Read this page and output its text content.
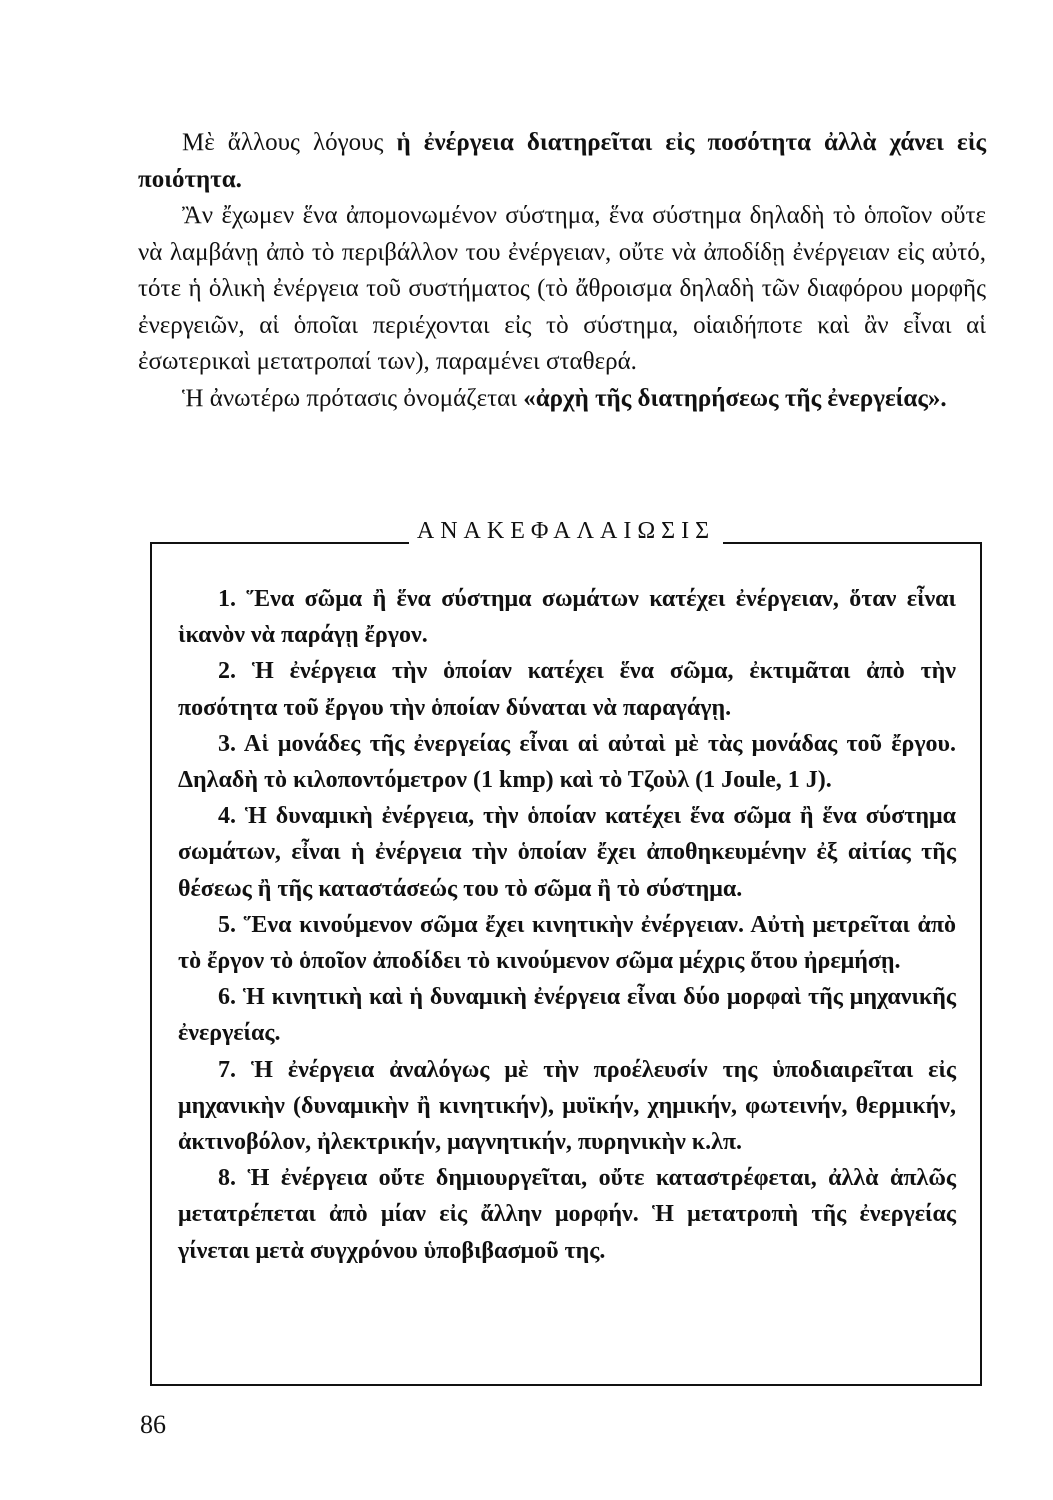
Μὲ ἄλλους λόγους ἡ ἐνέργεια διατηρεῖται εἰς ποσότητα ἀλλὰ χάνει εἰς ποιότητα.

Ἂν ἔχωμεν ἕνα ἀπομονωμένον σύστημα, ἕνα σύστημα δηλαδὴ τὸ ὁποῖον οὔτε νὰ λαμβάνῃ ἀπὸ τὸ περιβάλλον του ἐνέργειαν, οὔτε νὰ ἀποδίδῃ ἐνέργειαν εἰς αὐτό, τότε ἡ ὁλικὴ ἐνέργεια τοῦ συστήματος (τὸ ἄθροισμα δηλαδὴ τῶν διαφόρου μορφῆς ἐνεργειῶν, αἱ ὁποῖαι περιέχονται εἰς τὸ σύστημα, οἱαιδήποτε καὶ ἂν εἶναι αἱ ἐσωτερικαὶ μετατροπαί των), παραμένει σταθερά.

Ἡ ἀνωτέρω πρότασις ὀνομάζεται «ἀρχὴ τῆς διατηρήσεως τῆς ἐνεργείας».

ΑΝΑΚΕΦΑΛΑΙΩΣΙΣ

1. Ἕνα σῶμα ἢ ἕνα σύστημα σωμάτων κατέχει ἐνέργειαν, ὅταν εἶναι ἱκανὸν νὰ παράγῃ ἔργον.

2. Ἡ ἐνέργεια τὴν ὁποίαν κατέχει ἕνα σῶμα, ἐκτιμᾶται ἀπὸ τὴν ποσότητα τοῦ ἔργου τὴν ὁποίαν δύναται νὰ παραγάγῃ.

3. Αἱ μονάδες τῆς ἐνεργείας εἶναι αἱ αὐταὶ μὲ τὰς μονάδας τοῦ ἔργου. Δηλαδὴ τὸ κιλοποντόμετρον (1 kmp) καὶ τὸ Τζοὺλ (1 Joule, 1 J).

4. Ἡ δυναμικὴ ἐνέργεια, τὴν ὁποίαν κατέχει ἕνα σῶμα ἢ ἕνα σύστημα σωμάτων, εἶναι ἡ ἐνέργεια τὴν ὁποίαν ἔχει ἀποθηκευμένην ἐξ αἰτίας τῆς θέσεως ἢ τῆς καταστάσεώς του τὸ σῶμα ἢ τὸ σύστημα.

5. Ἕνα κινούμενον σῶμα ἔχει κινητικὴν ἐνέργειαν. Αὐτὴ μετρεῖται ἀπὸ τὸ ἔργον τὸ ὁποῖον ἀποδίδει τὸ κινούμενον σῶμα μέχρις ὅτου ἠρεμήσῃ.

6. Ἡ κινητικὴ καὶ ἡ δυναμικὴ ἐνέργεια εἶναι δύο μορφαὶ τῆς μηχανικῆς ἐνεργείας.

7. Ἡ ἐνέργεια ἀναλόγως μὲ τὴν προέλευσίν της ὑποδιαιρεῖται εἰς μηχανικὴν (δυναμικὴν ἢ κινητικήν), μυϊκήν, χημικήν, φωτεινήν, θερμικήν, ἀκτινοβόλον, ἠλεκτρικήν, μαγνητικήν, πυρηνικὴν κ.λπ.

8. Ἡ ἐνέργεια οὔτε δημιουργεῖται, οὔτε καταστρέφεται, ἀλλὰ ἁπλῶς μετατρέπεται ἀπὸ μίαν εἰς ἄλλην μορφήν. Ἡ μετατροπὴ τῆς ἐνεργείας γίνεται μετὰ συγχρόνου ὑποβιβασμοῦ της.

86
